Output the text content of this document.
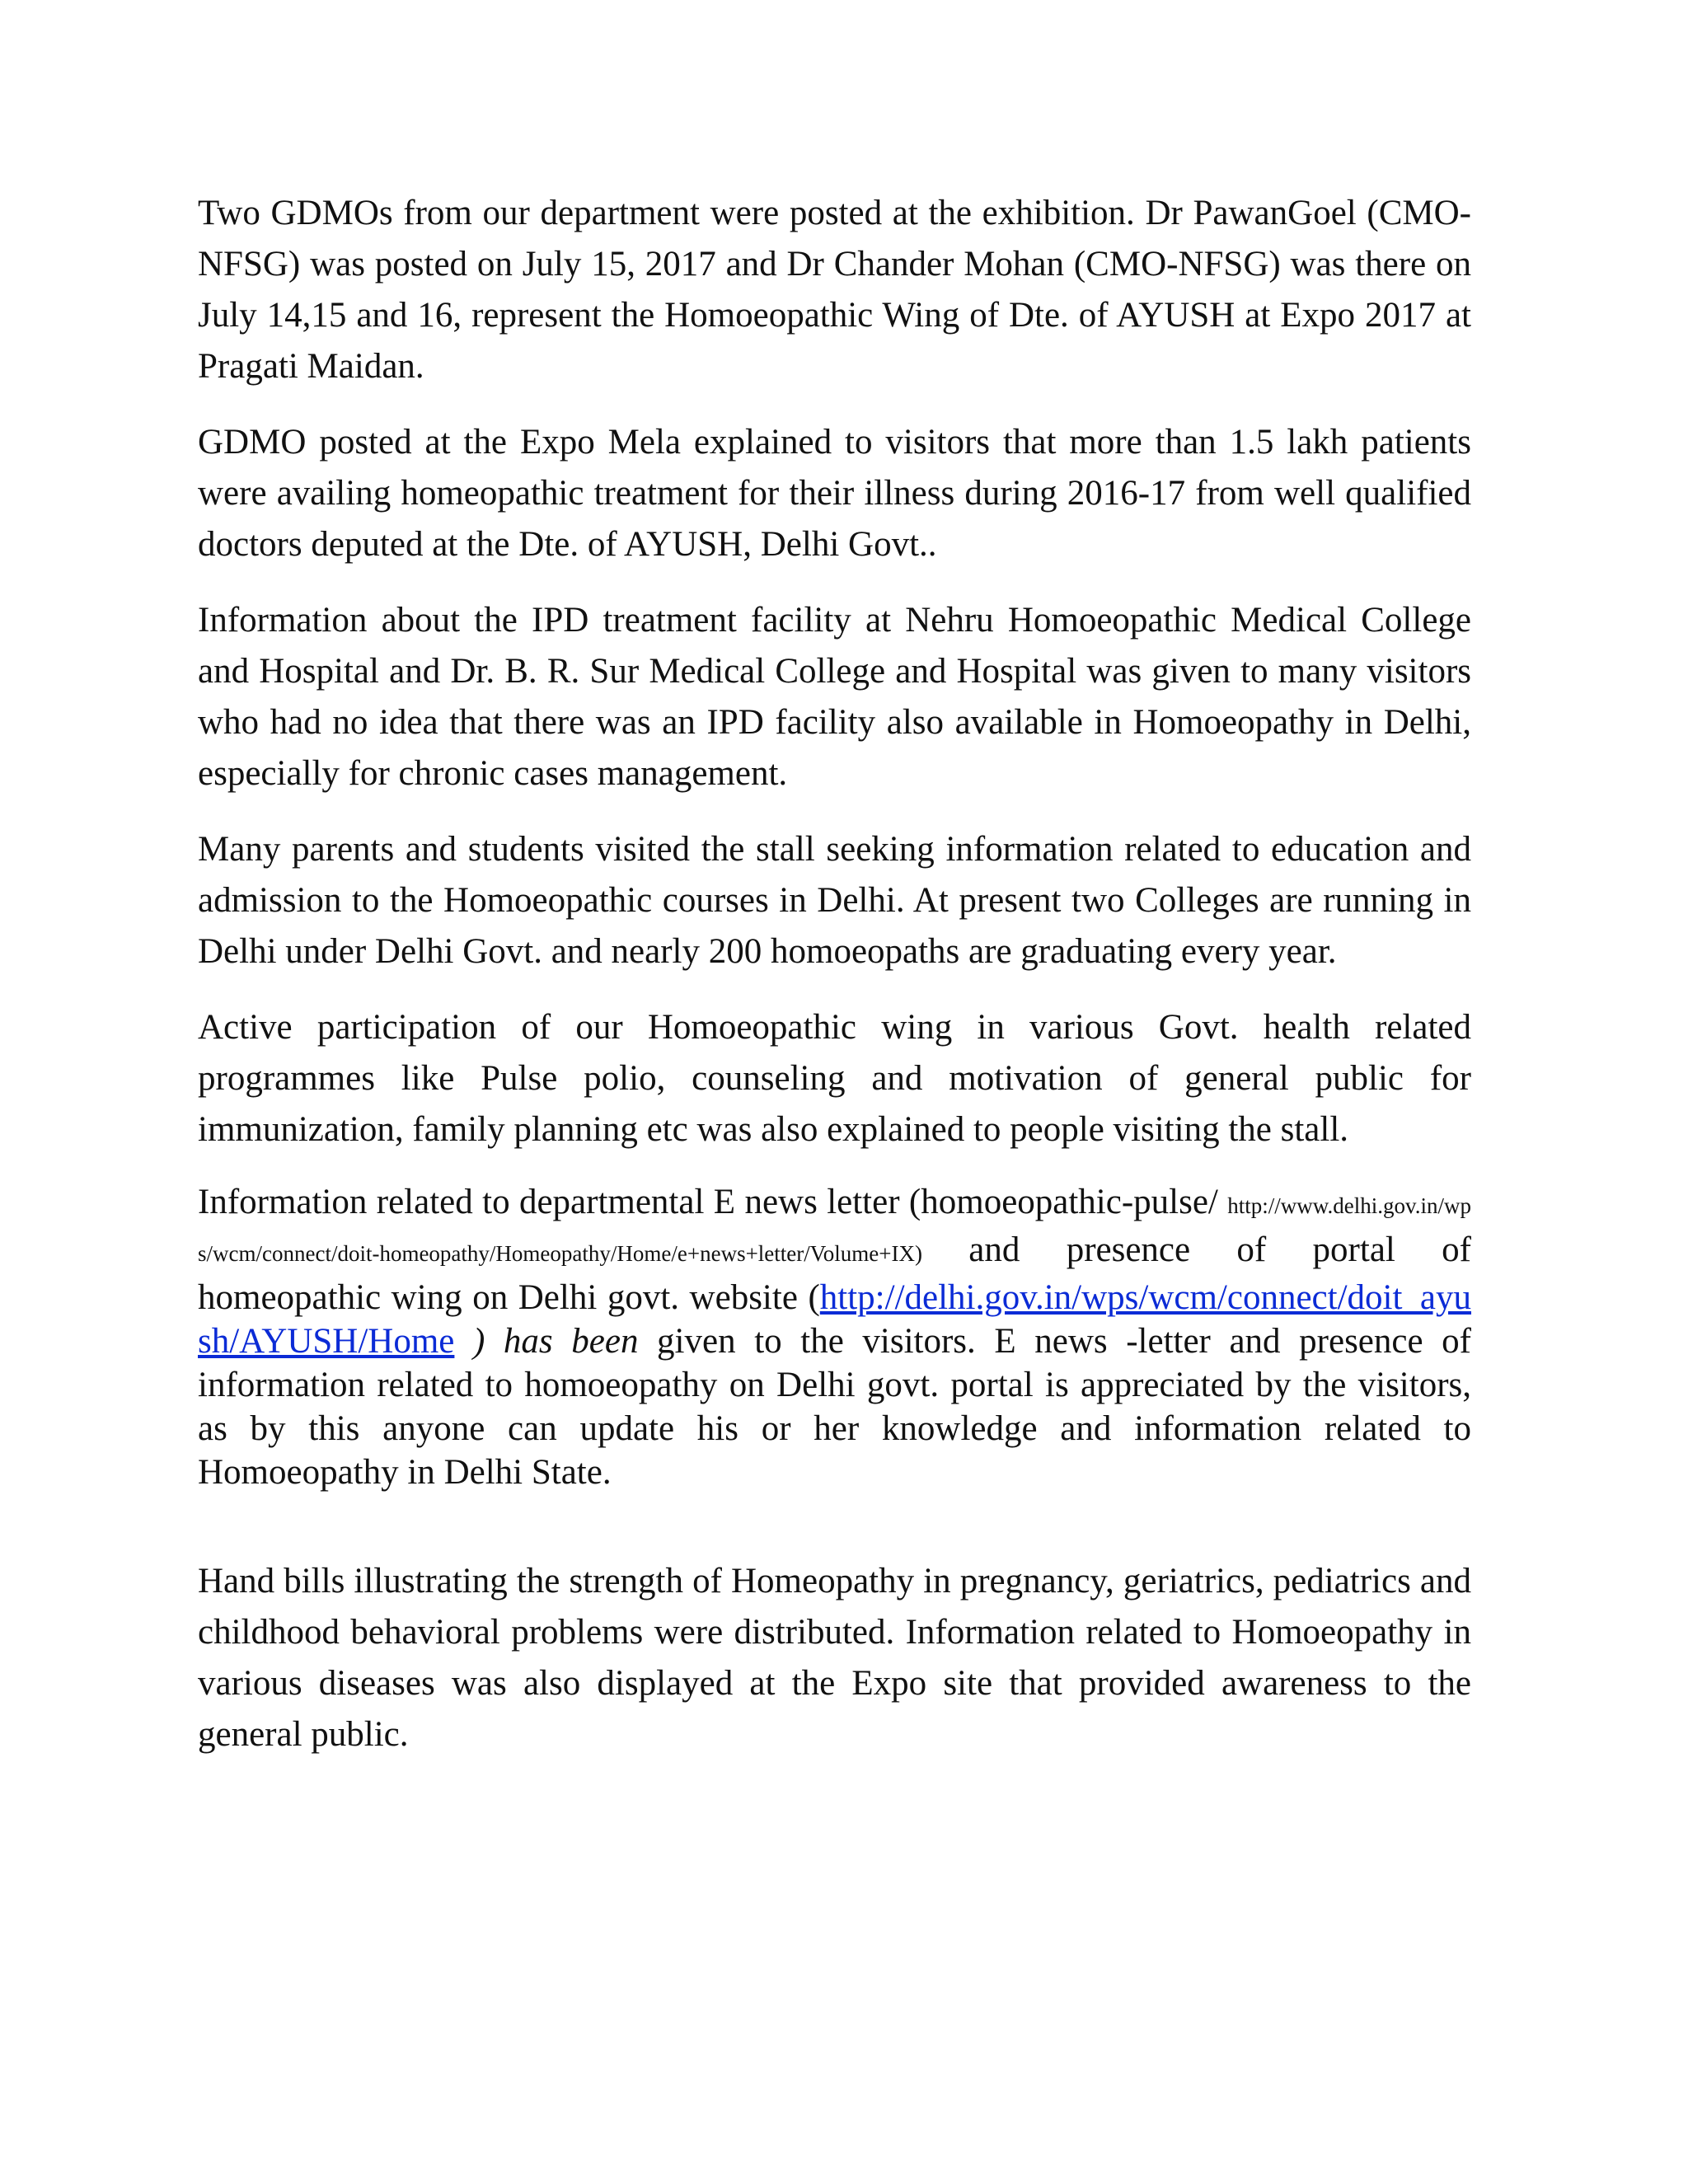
Two GDMOs from our department were posted at the exhibition. Dr PawanGoel (CMO-NFSG) was posted on July 15, 2017 and Dr Chander Mohan (CMO-NFSG) was there on July 14,15 and 16, represent the Homoeopathic Wing of Dte. of AYUSH at Expo 2017 at Pragati Maidan.

GDMO posted at the Expo Mela explained to visitors that more than 1.5 lakh patients were availing homeopathic treatment for their illness during 2016-17 from well qualified doctors deputed at the Dte. of AYUSH, Delhi Govt..

Information about the IPD treatment facility at Nehru Homoeopathic Medical College and Hospital and Dr. B. R. Sur Medical College and Hospital was given to many visitors who had no idea that there was an IPD facility also available in Homoeopathy in Delhi, especially for chronic cases management.

Many parents and students visited the stall seeking information related to education and admission to the Homoeopathic courses in Delhi. At present two Colleges are running in Delhi under Delhi Govt. and nearly 200 homoeopaths are graduating every year.

Active participation of our Homoeopathic wing in various Govt. health related programmes like Pulse polio, counseling and motivation of general public for immunization, family planning etc was also explained to people visiting the stall.

Information related to departmental E news letter (homoeopathic-pulse/ http://www.delhi.gov.in/wps/wcm/connect/doit-homeopathy/Homeopathy/Home/e+news+letter/Volume+IX) and presence of portal of homeopathic wing on Delhi govt. website (http://delhi.gov.in/wps/wcm/connect/doit_ayush/AYUSH/Home ) has been given to the visitors. E news -letter and presence of information related to homoeopathy on Delhi govt. portal is appreciated by the visitors, as by this anyone can update his or her knowledge and information related to Homoeopathy in Delhi State.

Hand bills illustrating the strength of Homeopathy in pregnancy, geriatrics, pediatrics and childhood behavioral problems were distributed. Information related to Homoeopathy in various diseases was also displayed at the Expo site that provided awareness to the general public.
